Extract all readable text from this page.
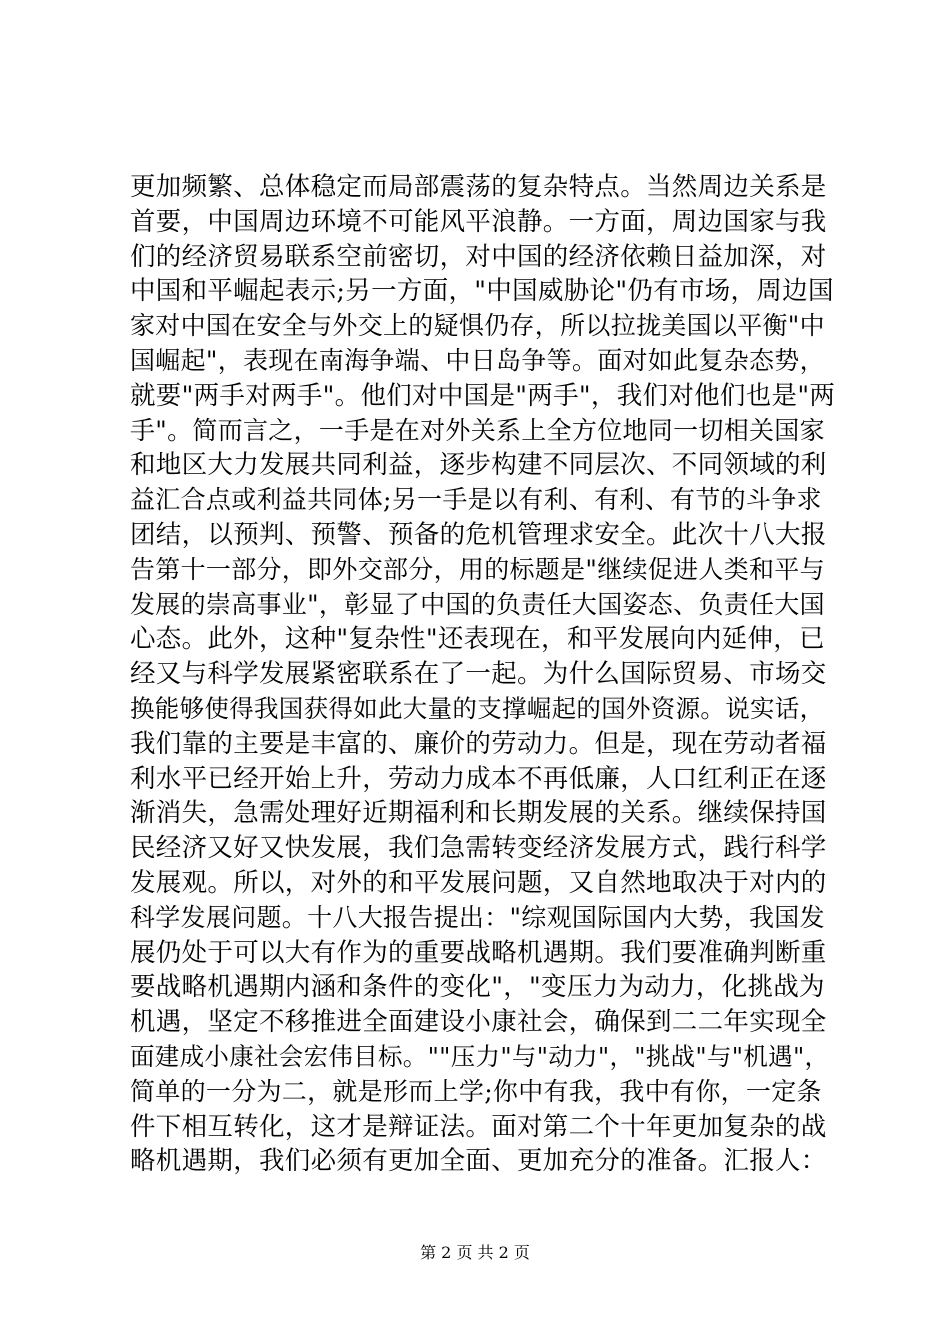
更加频繁、总体稳定而局部震荡的复杂特点。当然周边关系是
首要，中国周边环境不可能风平浪静。一方面，周边国家与我
们的经济贸易联系空前密切，对中国的经济依赖日益加深，对
中国和平崛起表示;另一方面，"中国威胁论"仍有市场，周边国
家对中国在安全与外交上的疑惧仍存，所以拉拢美国以平衡"中
国崛起"，表现在南海争端、中日岛争等。面对如此复杂态势，
就要"两手对两手"。他们对中国是"两手"，我们对他们也是"两
手"。简而言之，一手是在对外关系上全方位地同一切相关国家
和地区大力发展共同利益，逐步构建不同层次、不同领域的利
益汇合点或利益共同体;另一手是以有利、有利、有节的斗争求
团结，以预判、预警、预备的危机管理求安全。此次十八大报
告第十一部分，即外交部分，用的标题是"继续促进人类和平与
发展的崇高事业"，彰显了中国的负责任大国姿态、负责任大国
心态。此外，这种"复杂性"还表现在，和平发展向内延伸，已
经又与科学发展紧密联系在了一起。为什么国际贸易、市场交
换能够使得我国获得如此大量的支撑崛起的国外资源。说实话，
我们靠的主要是丰富的、廉价的劳动力。但是，现在劳动者福
利水平已经开始上升，劳动力成本不再低廉，人口红利正在逐
渐消失，急需处理好近期福利和长期发展的关系。继续保持国
民经济又好又快发展，我们急需转变经济发展方式，践行科学
发展观。所以，对外的和平发展问题，又自然地取决于对内的
科学发展问题。十八大报告提出："综观国际国内大势，我国发
展仍处于可以大有作为的重要战略机遇期。我们要准确判断重
要战略机遇期内涵和条件的变化"，"变压力为动力，化挑战为
机遇，坚定不移推进全面建设小康社会，确保到二二年实现全
面建成小康社会宏伟目标。""压力"与"动力"，"挑战"与"机遇"，
简单的一分为二，就是形而上学;你中有我，我中有你，一定条
件下相互转化，这才是辩证法。面对第二个十年更加复杂的战
略机遇期，我们必须有更加全面、更加充分的准备。汇报人：
第 2 页 共 2 页
